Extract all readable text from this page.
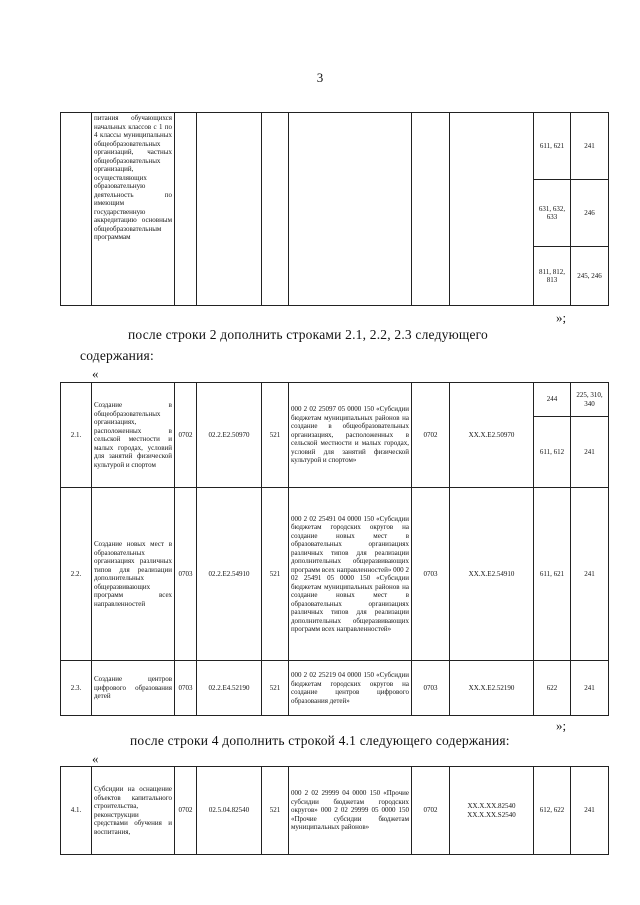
3
	питания обучающихся начальных классов с 1 по 4 классы муниципальных общеобразовательных организаций, частных общеобразовательных организаций, осуществляющих образовательную деятельность по имеющим государственную аккредитацию основным общеобразовательным программам							611, 621	241
								631, 632, 633	246
								811, 812, 813	245, 246
»;
после строки 2 дополнить строками 2.1, 2.2, 2.3 следующего
содержания:
«
2.1.	Создание в общеобразовательных организациях, расположенных в сельской местности и малых городах, условий для занятий физической культурой и спортом	0702	02.2.E2.50970	521	000 2 02 25097 05 0000 150 «Субсидии бюджетам муниципальных районов на создание в общеобразовательных организациях, расположенных в сельской местности и малых городах, условий для занятий физической культурой и спортом»	0702	XX.X.E2.50970	244	225, 310, 340
								611, 612	241
2.2.	Создание новых мест в образовательных организациях различных типов для реализации дополнительных общеразвивающих программ всех направленностей	0703	02.2.E2.54910	521	000 2 02 25491 04 0000 150 «Субсидии бюджетам городских округов на создание новых мест в образовательных организациях различных типов для реализации дополнительных общеразвивающих программ всех направленностей» 000 2 02 25491 05 0000 150 «Субсидии бюджетам муниципальных районов на создание новых мест в образовательных организациях различных типов для реализации дополнительных общеразвивающих программ всех направленностей»	0703	XX.X.E2.54910	611, 621	241
2.3.	Создание центров цифрового образования детей	0703	02.2.E4.52190	521	000 2 02 25219 04 0000 150 «Субсидии бюджетам городских округов на создание центров цифрового образования детей»	0703	XX.X.E2.52190	622	241
»;
после строки 4 дополнить строкой 4.1 следующего содержания:
«
4.1.	Субсидии на оснащение объектов капитального строительства, реконструкции средствами обучения и воспитания,	0702	02.5.04.82540	521	000 2 02 29999 04 0000 150 «Прочие субсидии бюджетам городских округов» 000 2 02 29999 05 0000 150 «Прочие субсидии бюджетам муниципальных районов»	0702	XX.X.XX.82540 XX.X.XX.S2540	612, 622	241
